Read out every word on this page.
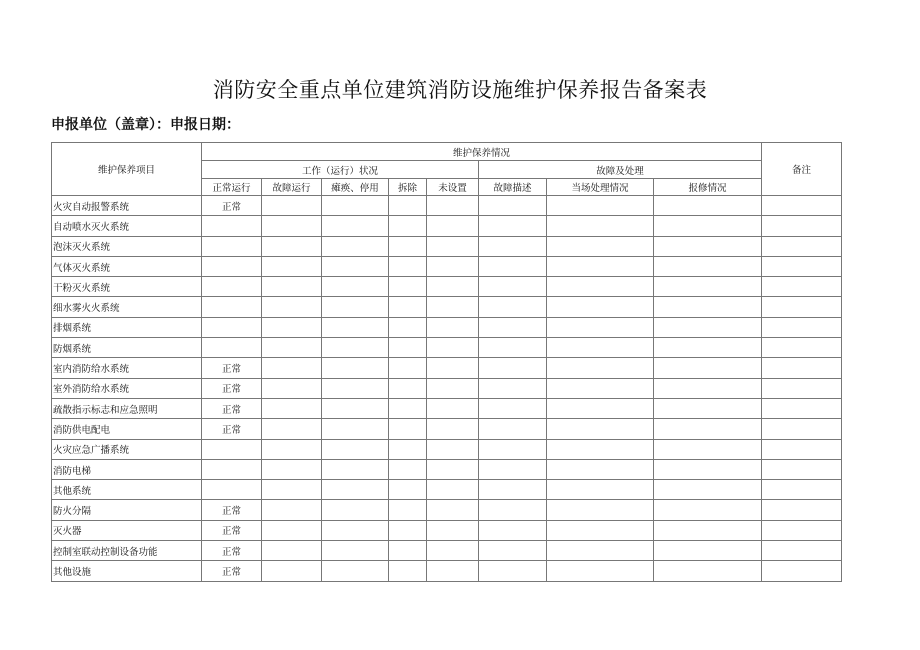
消防安全重点单位建筑消防设施维护保养报告备案表
申报单位（盖章）：申报日期：
维护保养项目	维护保养情况								备注
	工作（运行）状况					故障及处理			
	正常运行	故障运行	瘫痪、停用	拆除	未设置	故障描述	当场处理情况	报修情况	
火灾自动报警系统	正常								
自动喷水灭火系统									
泡沫灭火系统									
气体灭火系统									
干粉灭火系统									
细水雾火火系统									
排烟系统									
防烟系统									
室内消防给水系统	正常								
室外消防给水系统	正常								
疏散指示标志和应急照明	正常								
消防供电配电	正常								
火灾应急广播系统									
消防电梯									
其他系统									
防火分隔	正常								
灭火器	正常								
控制室联动控制设备功能	正常								
其他设施	正常								
